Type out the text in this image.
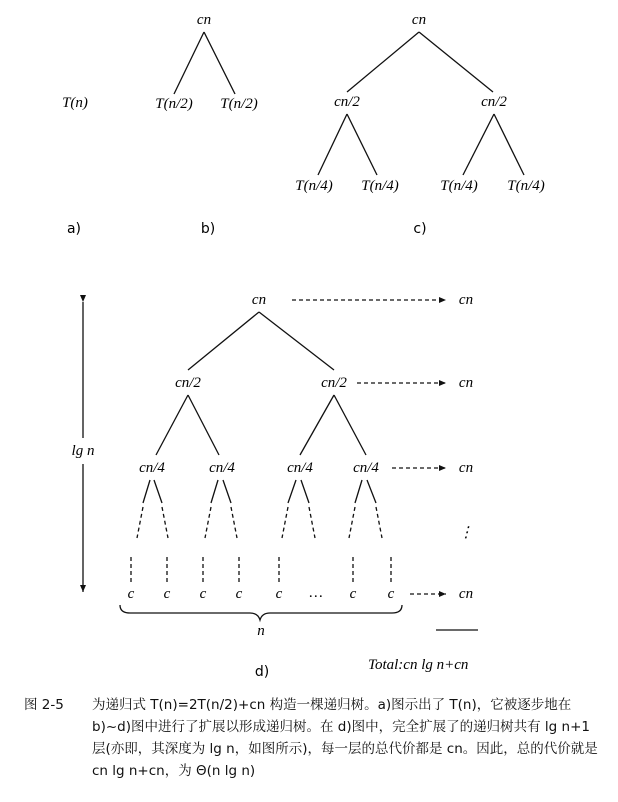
T(n)
a)
cn
T(n/2) T(n/2)
b)
cn
cn/2	cn/2
T(n/4) T(n/4)	T(n/4) T(n/4)
c)
lg n
cn
cn/2	cn/2
cn/4	cn/4	cn/4	cn/4
c c c c c … c c
n
cn
cn
cn
⋮
cn
Total:cn lg n+cn
d)
图 2-5 为递归式 T(n)=2T(n/2)+cn 构造一棵递归树。a)图示出了 T(n)，它被逐步地在 b)~d)图中进行了扩展以形成递归树。在 d)图中，完全扩展了的递归树共有 lg n+1 层(亦即，其深度为 lg n，如图所示)，每一层的总代价都是 cn。因此，总的代价就是 cn lg n+cn，为 Θ(n lg n)
